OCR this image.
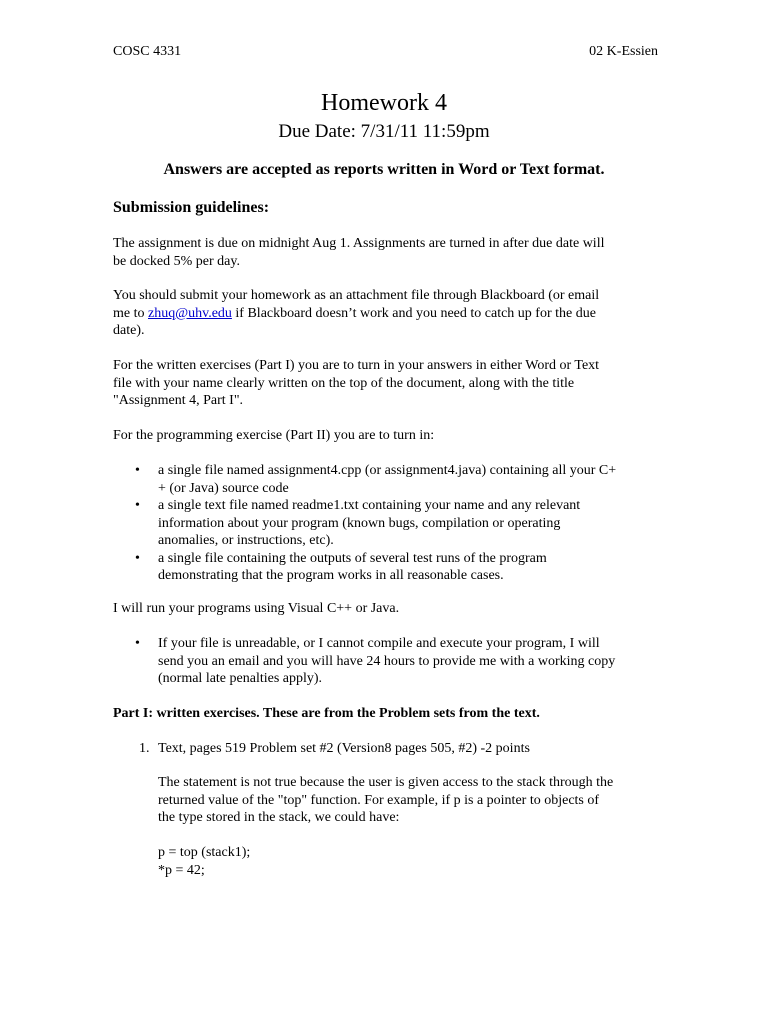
COSC 4331	02 K-Essien
Homework 4
Due Date: 7/31/11 11:59pm
Answers are accepted as reports written in Word or Text format.
Submission guidelines:
The assignment is due on midnight Aug 1. Assignments are turned in after due date will
be docked 5% per day.
You should submit your homework as an attachment file through Blackboard (or email
me to zhuq@uhv.edu if Blackboard doesn’t work and you need to catch up for the due
date).
For the written exercises (Part I) you are to turn in your answers in either Word or Text
file with your name clearly written on the top of the document, along with the title
"Assignment 4, Part I".
For the programming exercise (Part II) you are to turn in:
• a single file named assignment4.cpp (or assignment4.java) containing all your C+
+ (or Java) source code
• a single text file named readme1.txt containing your name and any relevant
information about your program (known bugs, compilation or operating
anomalies, or instructions, etc).
• a single file containing the outputs of several test runs of the program
demonstrating that the program works in all reasonable cases.
I will run your programs using Visual C++ or Java.
• If your file is unreadable, or I cannot compile and execute your program, I will
send you an email and you will have 24 hours to provide me with a working copy
(normal late penalties apply).
Part I: written exercises. These are from the Problem sets from the text.
1. Text, pages 519 Problem set #2 (Version8 pages 505, #2) -2 points
The statement is not true because the user is given access to the stack through the
returned value of the "top" function. For example, if p is a pointer to objects of
the type stored in the stack, we could have:
p = top (stack1);
*p = 42;
